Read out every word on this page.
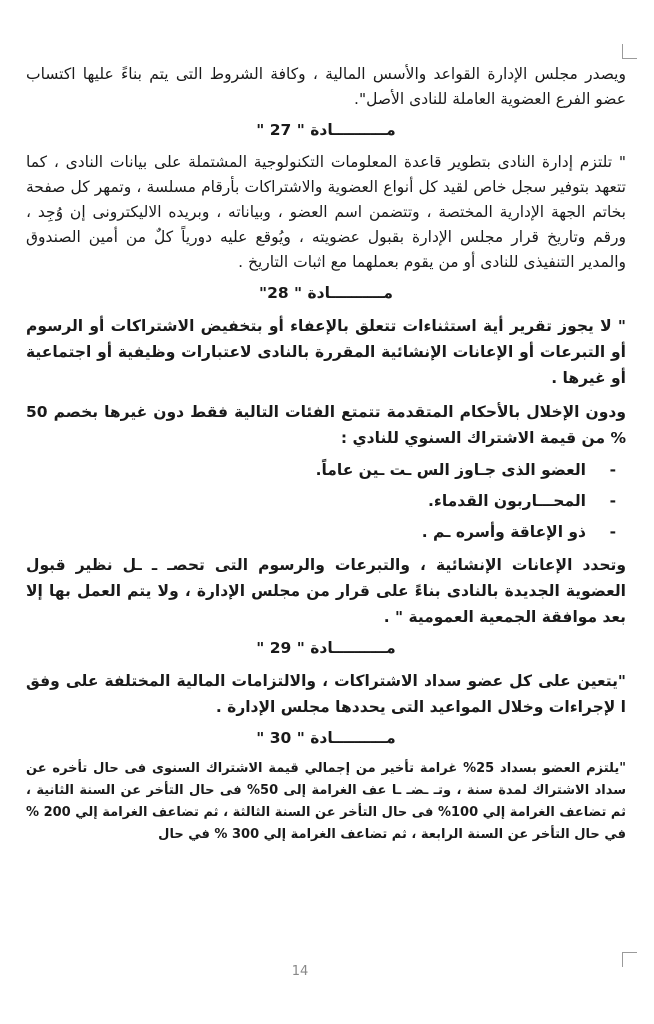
ويصدر مجلس الإدارة القواعد والأسس المالية ، وكافة الشروط التى يتم بناءً عليها اكتساب عضو الفرع العضوية العاملة للنادى الأصل".

مــــــــــادة " 27 "

" تلتزم إدارة النادى بتطوير قاعدة المعلومات التكنولوجية المشتملة على بيانات النادى ، كما تتعهد بتوفير سجل خاص لقيد كل أنواع العضوية والاشتراكات بأرقام مسلسة ، وتمهر كل صفحة بخاتم الجهة الإدارية المختصة ، وتتضمن اسم العضو ، وبياناته ، وبريده الاليكترونى إن وُجِد ، ورقم وتاريخ قرار مجلس الإدارة بقبول عضويته ، ويُوقع عليه دورياً كلٌ من أمين الصندوق والمدير التنفيذى للنادى أو من يقوم بعملهما مع اثبات التاريخ .

مــــــــــادة " 28"

" لا يجوز تقرير أية استثناءات تتعلق بالإعفاء أو بتخفيض الاشتراكات أو الرسوم أو التبرعات أو الإعانات الإنشائية المقررة بالنادى لاعتبارات وظيفية أو اجتماعية أو غيرها .

ودون الإخلال بالأحكام المتقدمة تتمتع الفئات التالية فقط دون غيرها بخصم 50 % من قيمة الاشتراك السنوي للنادي :

-العضو الذى جـاوز الس ـت ـين عاماً.
-المحـــاربون القدماء.
-ذو الإعاقة وأسره ـم .

وتحدد الإعانات الإنشائية ، والتبرعات والرسوم التى تحصـ ـ ـل نظير قبول العضوية الجديدة بالنادى بناءً على قرار من مجلس الإدارة ، ولا يتم العمل بها إلا بعد موافقة الجمعية العمومية " .

مــــــــــادة " 29 "

"يتعين على كل عضو سداد الاشتراكات ، والالتزامات المالية المختلفة على وفق ا لإجراءات وخلال المواعيد التى يحددها مجلس الإدارة .

مــــــــــادة " 30 "

"يلتزم العضو بسداد 25% غرامة تأخير من إجمالي قيمة الاشتراك السنوى فى حال تأخره عن سداد الاشتراك لمدة سنة ، وتـ ـضـ ـا عف الغرامة إلى 50% فى حال التأخر عن السنة الثانية ، ثم تضاعف الغرامة إلي 100% فى حال التأخر عن السنة الثالثة ، ثم تضاعف الغرامة إلي 200 % في حال التأخر عن السنة الرابعة ، ثم تضاعف الغرامة إلي 300 % في حال

14
